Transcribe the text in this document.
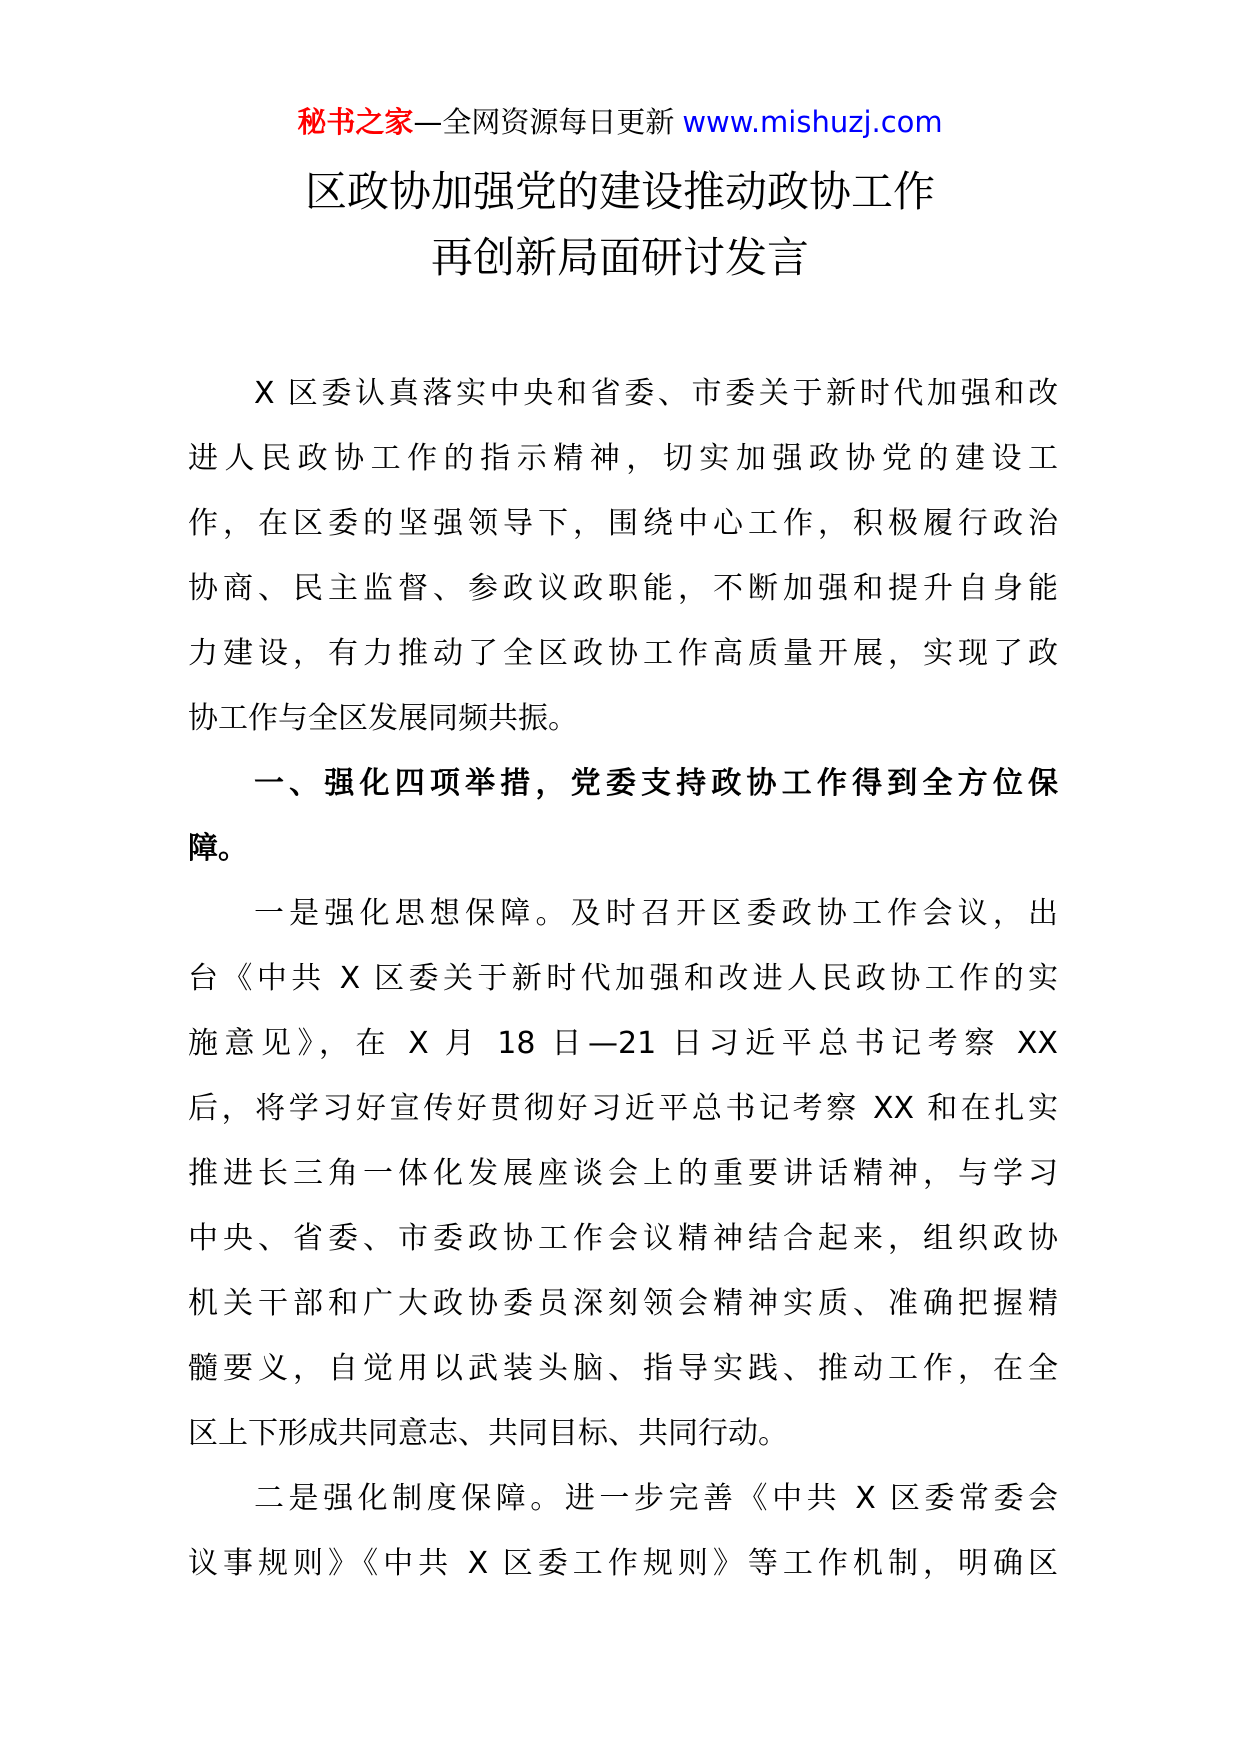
秘书之家—全网资源每日更新 www.mishuzj.com
区政协加强党的建设推动政协工作
再创新局面研讨发言
X 区委认真落实中央和省委、市委关于新时代加强和改
进人民政协工作的指示精神，切实加强政协党的建设工
作，在区委的坚强领导下，围绕中心工作，积极履行政治
协商、民主监督、参政议政职能，不断加强和提升自身能
力建设，有力推动了全区政协工作高质量开展，实现了政
协工作与全区发展同频共振。
一、强化四项举措，党委支持政协工作得到全方位保
障。
一是强化思想保障。及时召开区委政协工作会议，出
台《中共 X 区委关于新时代加强和改进人民政协工作的实
施意见》，在 X 月 18 日—21 日习近平总书记考察 XX
后，将学习好宣传好贯彻好习近平总书记考察 XX 和在扎实
推进长三角一体化发展座谈会上的重要讲话精神，与学习
中央、省委、市委政协工作会议精神结合起来，组织政协
机关干部和广大政协委员深刻领会精神实质、准确把握精
髓要义，自觉用以武装头脑、指导实践、推动工作，在全
区上下形成共同意志、共同目标、共同行动。
二是强化制度保障。进一步完善《中共 X 区委常委会
议事规则》《中共 X 区委工作规则》等工作机制，明确区
